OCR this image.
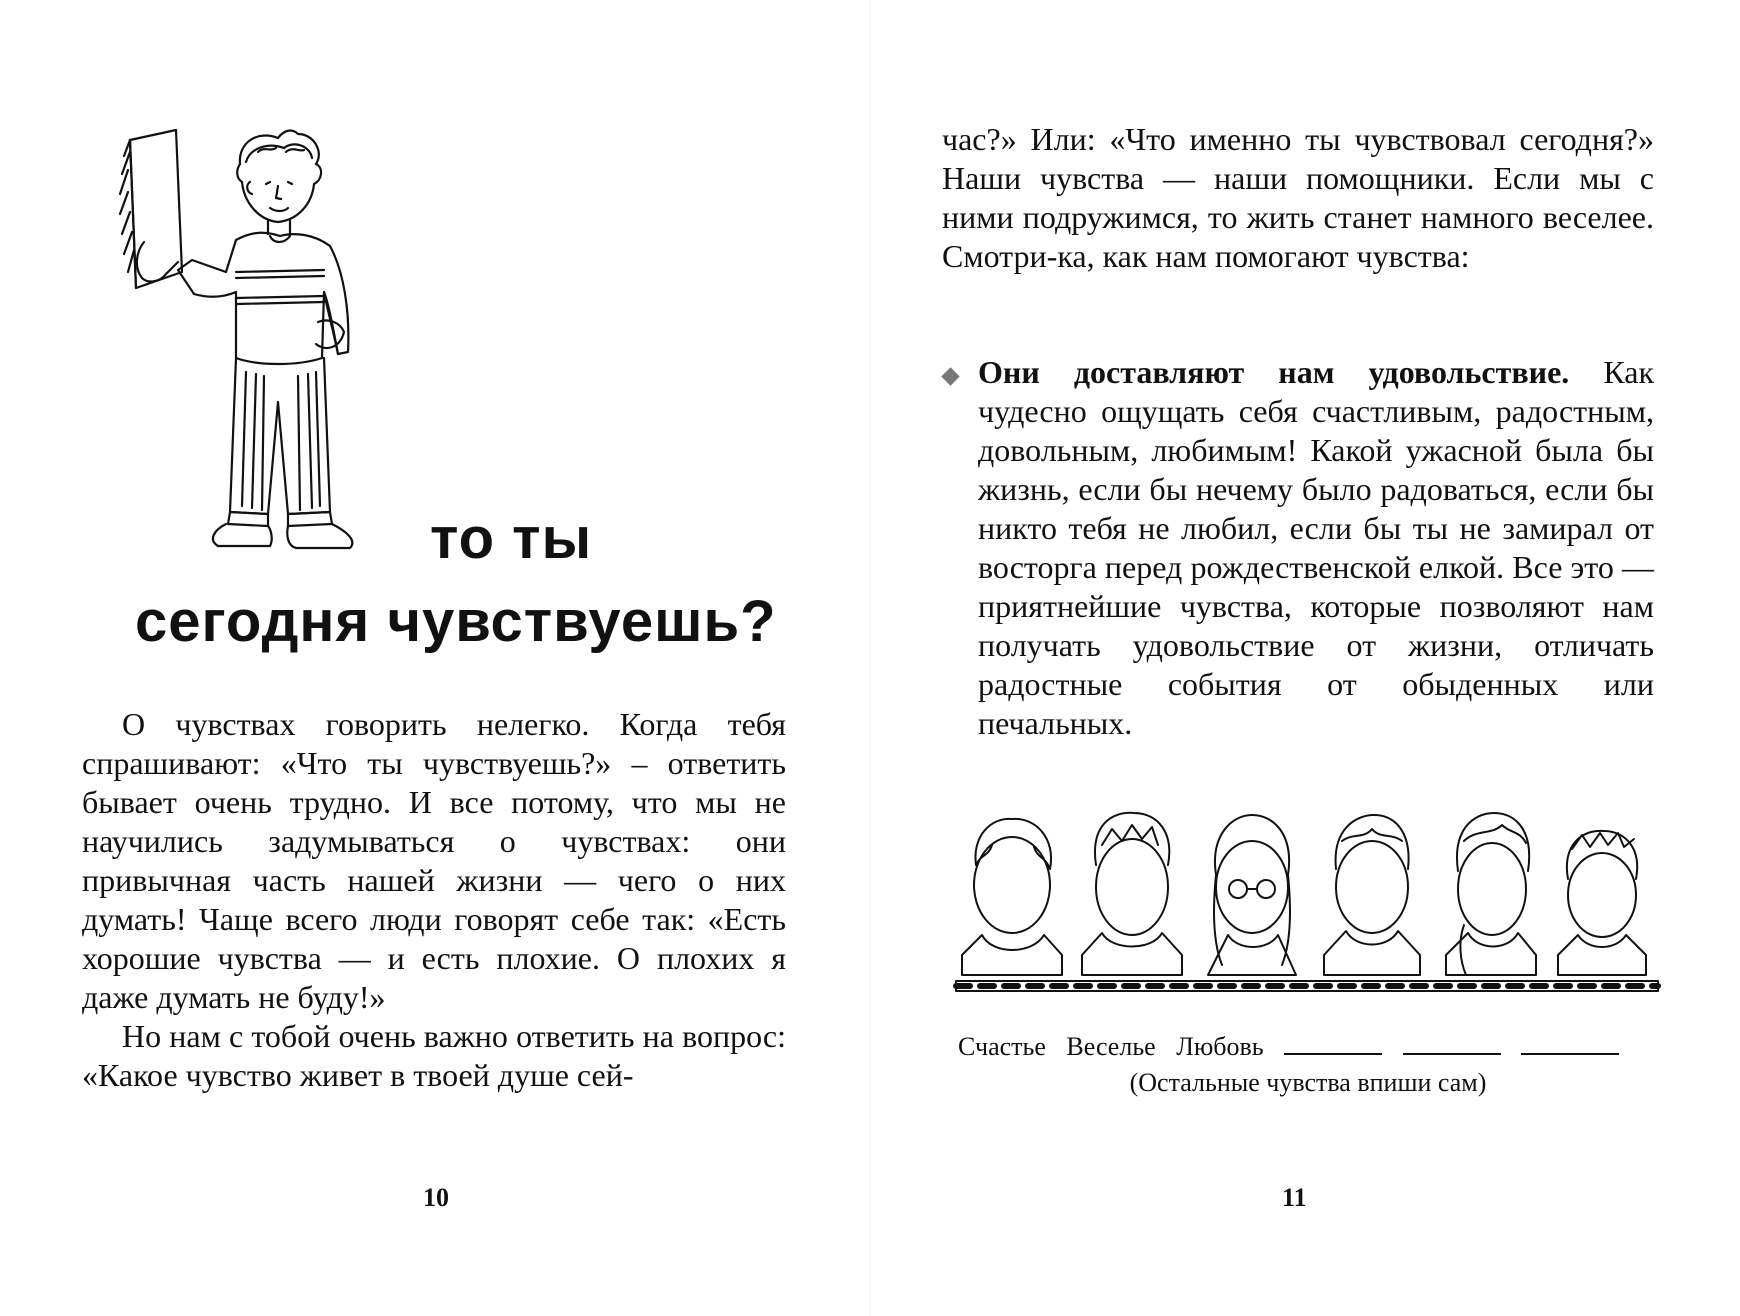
то ты
сегодня чувствуешь?

О чувствах говорить нелегко. Когда тебя спрашивают: «Что ты чувствуешь?» – ответить бывает очень трудно. И все потому, что мы не научились задумываться о чувствах: они привычная часть нашей жизни — чего о них думать! Чаще всего люди говорят себе так: «Есть хорошие чувства — и есть плохие. О плохих я даже думать не буду!»

Но нам с тобой очень важно ответить на вопрос: «Какое чувство живет в твоей душе сей-

10

час?» Или: «Что именно ты чувствовал сегодня?» Наши чувства — наши помощники. Если мы с ними подружимся, то жить станет намного веселее. Смотри-ка, как нам помогают чувства:

Они доставляют нам удовольствие. Как чудесно ощущать себя счастливым, радостным, довольным, любимым! Какой ужасной была бы жизнь, если бы нечему было радоваться, если бы никто тебя не любил, если бы ты не замирал от восторга перед рождественской елкой. Все это — приятнейшие чувства, которые позволяют нам получать удовольствие от жизни, отличать радостные события от обыденных или печальных.

Счастье Веселье Любовь
(Остальные чувства впиши сам)
11
